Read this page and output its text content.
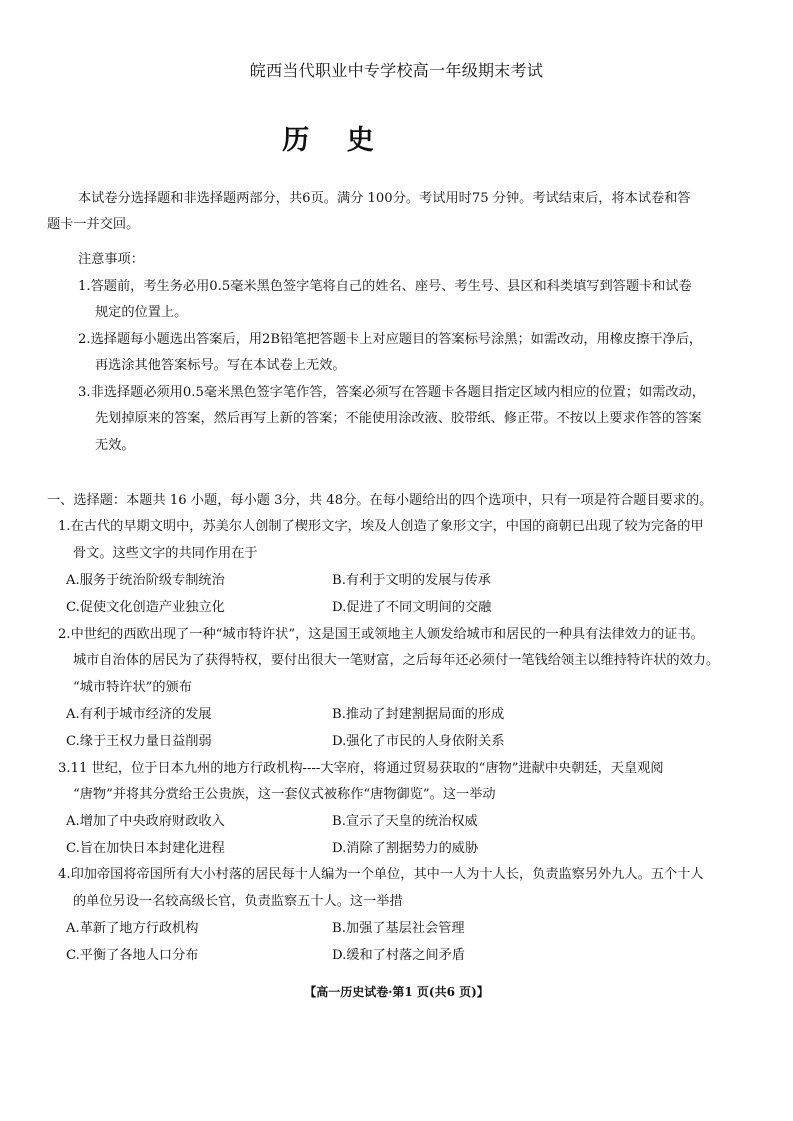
皖西当代职业中专学校高一年级期末考试
历 史
本试卷分选择题和非选择题两部分，共6页。满分 100分。考试用时75 分钟。考试结束后，将本试卷和答
题卡一并交回。
注意事项：
1.答题前，考生务必用0.5毫米黑色签字笔将自己的姓名、座号、考生号、县区和科类填写到答题卡和试卷
规定的位置上。
2.选择题每小题选出答案后，用2B铅笔把答题卡上对应题目的答案标号涂黑；如需改动，用橡皮擦干净后，
再选涂其他答案标号。写在本试卷上无效。
3.非选择题必须用0.5毫米黑色签字笔作答，答案必须写在答题卡各题目指定区域内相应的位置；如需改动，
先划掉原来的答案，然后再写上新的答案；不能使用涂改液、胶带纸、修正带。不按以上要求作答的答案
无效。
一、选择题：本题共 16 小题，每小题 3分，共 48分。在每小题给出的四个选项中，只有一项是符合题目要求的。
1.在古代的早期文明中，苏美尔人创制了楔形文字，埃及人创造了象形文字，中国的商朝已出现了较为完备的甲
骨文。这些文字的共同作用在于
A.服务于统治阶级专制统治	B.有利于文明的发展与传承
C.促使文化创造产业独立化	D.促进了不同文明间的交融
2.中世纪的西欧出现了一种“城市特许状”，这是国王或领地主人颁发给城市和居民的一种具有法律效力的证书。
城市自治体的居民为了获得特权，要付出很大一笔财富，之后每年还必须付一笔钱给领主以维持特许状的效力。
“城市特许状”的颁布
A.有利于城市经济的发展	B.推动了封建割据局面的形成
C.缘于王权力量日益削弱	D.强化了市民的人身依附关系
3.11 世纪，位于日本九州的地方行政机构----大宰府，将通过贸易获取的“唐物”进献中央朝廷，天皇观阅
“唐物”并将其分赏给王公贵族，这一套仪式被称作“唐物御览”。这一举动
A.增加了中央政府财政收入	B.宣示了天皇的统治权威
C.旨在加快日本封建化进程	D.消除了割据势力的威胁
4.印加帝国将帝国所有大小村落的居民每十人编为一个单位，其中一人为十人长，负责监察另外九人。五个十人
的单位另设一名较高级长官，负责监察五十人。这一举措
A.革新了地方行政机构	B.加强了基层社会管理
C.平衡了各地人口分布	D.缓和了村落之间矛盾
【高一历史试卷·第1 页(共6 页)】
